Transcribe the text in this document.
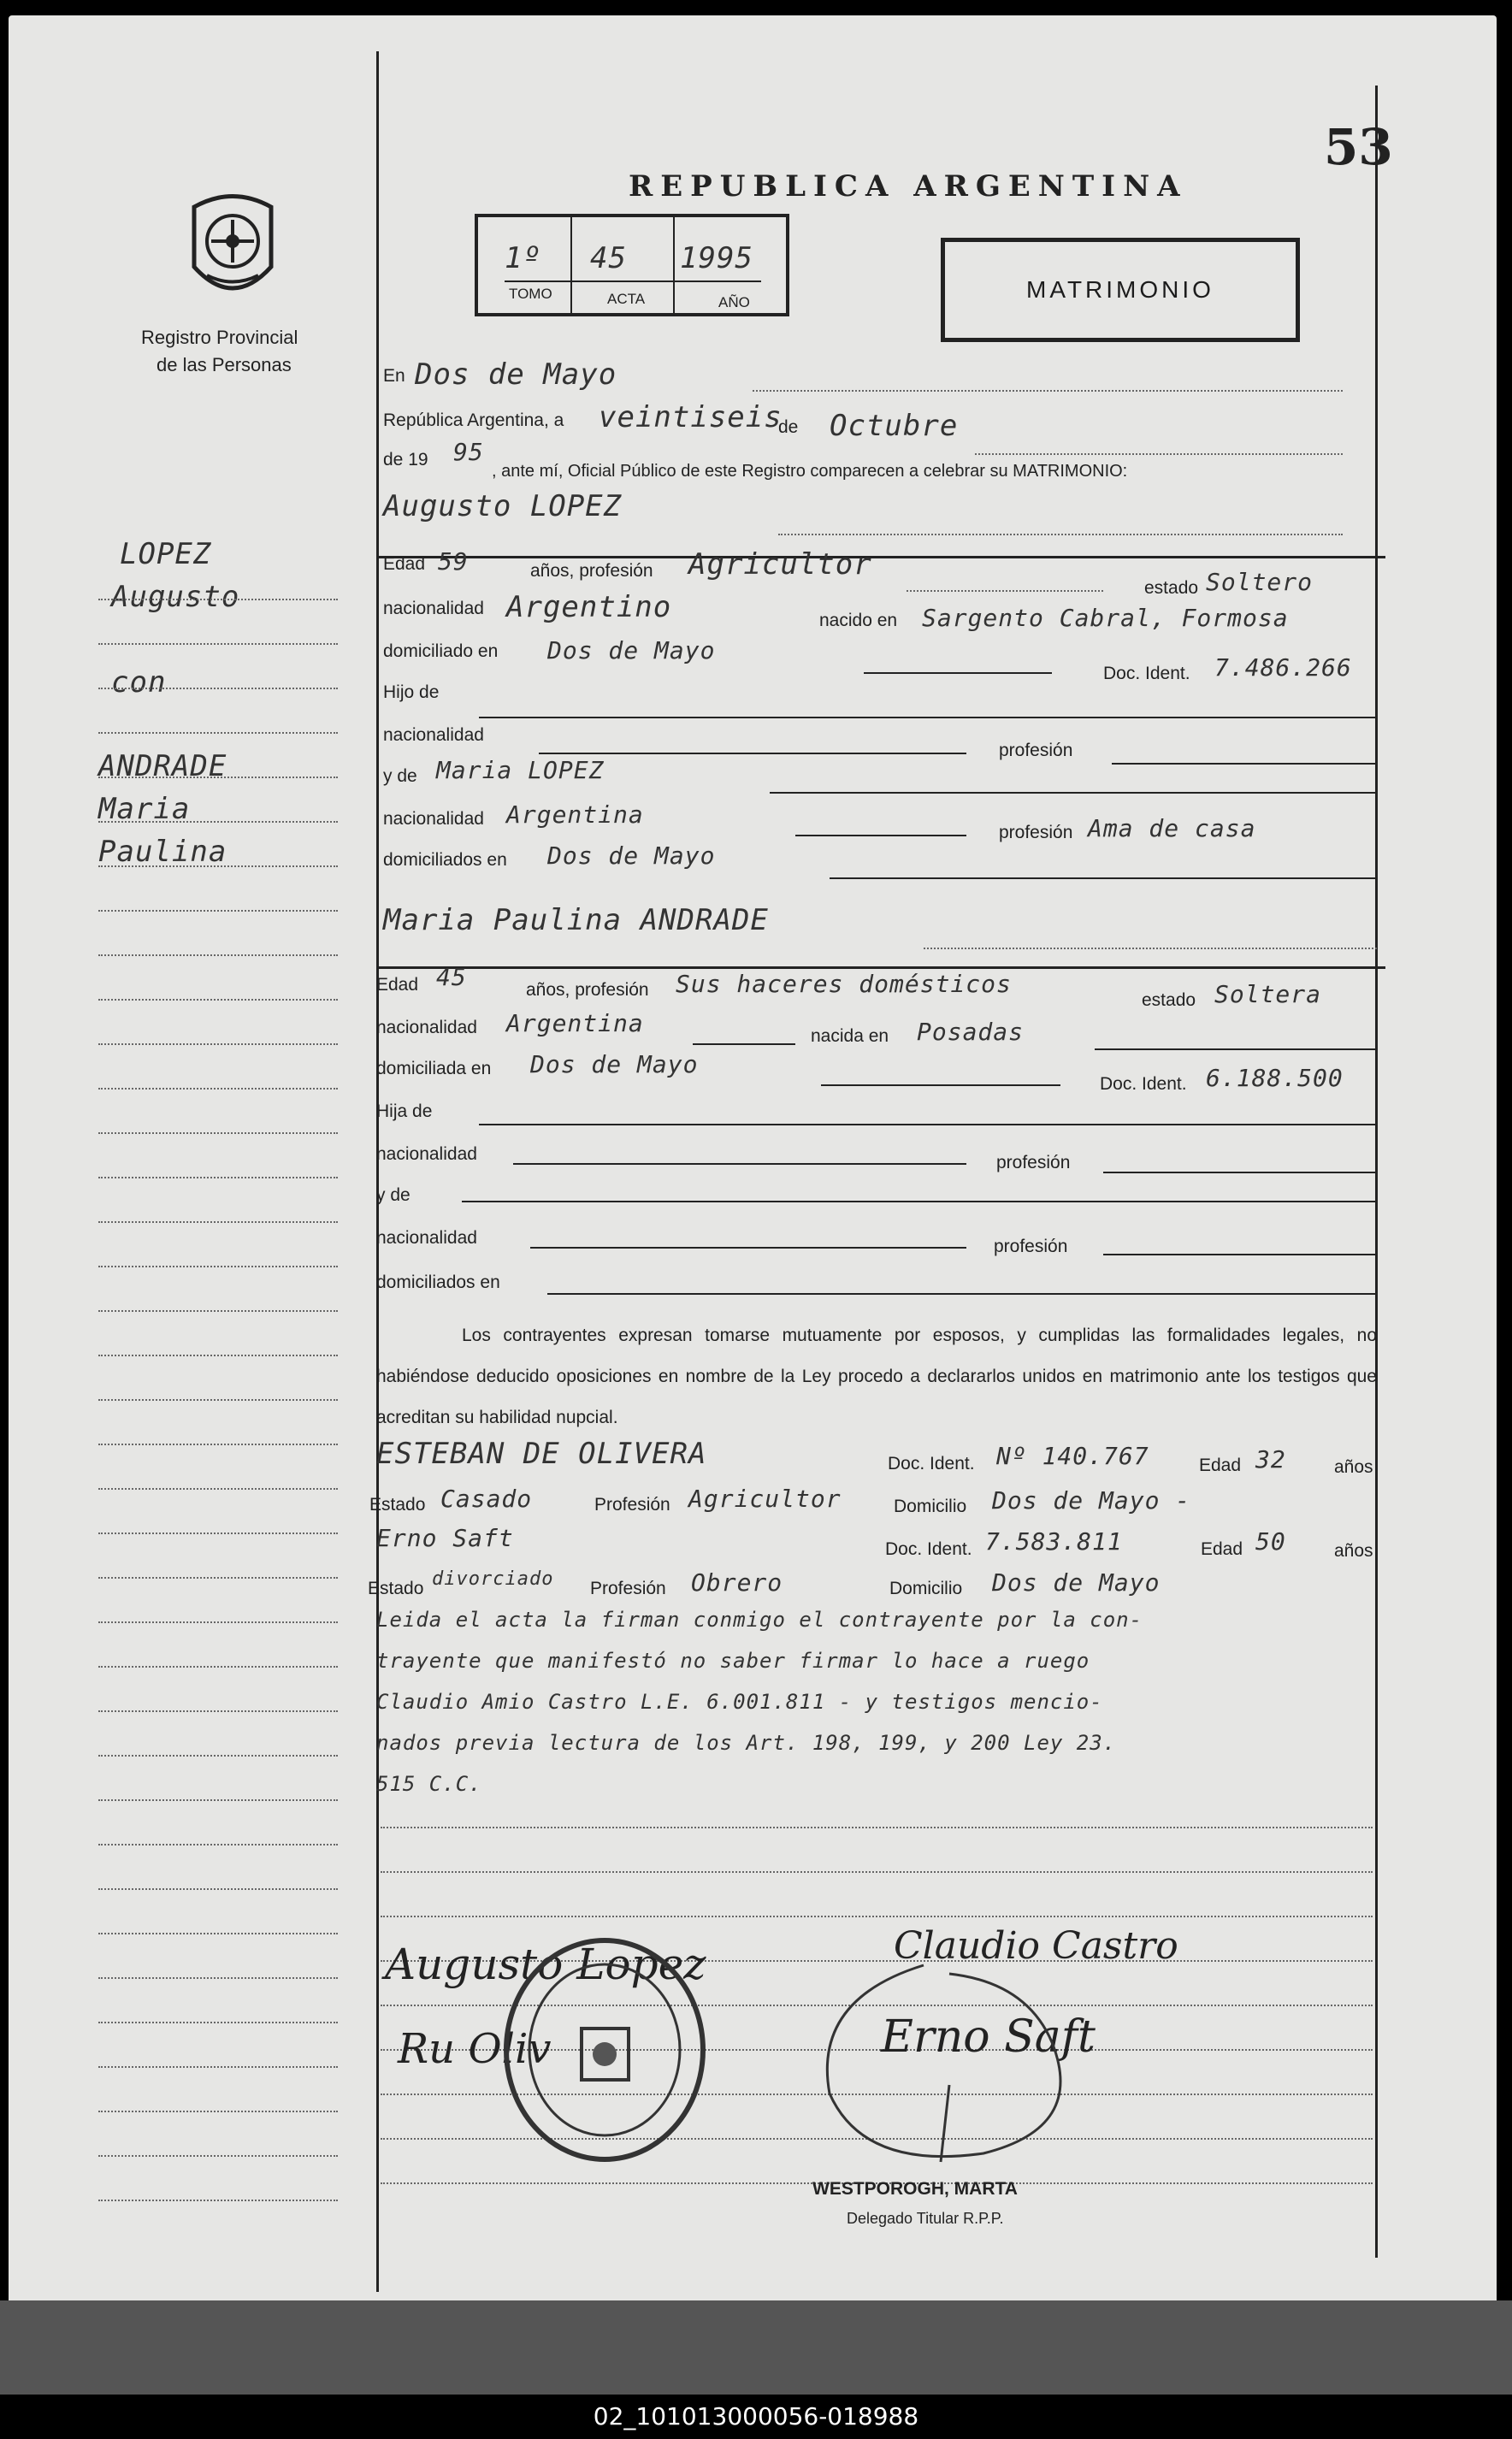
53
Registro Provincial
de las Personas
REPUBLICA ARGENTINA
1º 45 1995
TOMO	ACTA	AÑO	MATRIMONIO
LOPEZ
Augusto
con
ANDRADE
Maria
Paulina
En Dos de Mayo
República Argentina, a veintiseis
de Octubre
de 19 95
, ante mí, Oficial Público de este Registro comparecen a celebrar su MATRIMONIO:
Augusto LOPEZ
Edad 59	años, profesión Agricultor
estado Soltero
nacionalidad Argentino	nacido en Sargento Cabral, Formosa
domiciliado en Dos de Mayo
Doc. Ident. 7.486.266
Hijo de
nacionalidad
profesión
y de Maria LOPEZ
nacionalidad Argentina
profesión Ama de casa
domiciliados en Dos de Mayo
Maria Paulina ANDRADE
Edad 45	años, profesión Sus haceres domésticos
estado Soltera
nacionalidad Argentina	nacida en Posadas
domiciliada en Dos de Mayo
Doc. Ident. 6.188.500
Hija de
nacionalidad	profesión
y de
nacionalidad	profesión
domiciliados en
Los contrayentes expresan tomarse mutuamente por esposos, y cumplidas las formalidades legales, no habiéndose deducido oposiciones en nombre de la Ley procedo a declararlos unidos en matrimonio ante los testigos que acreditan su habilidad nupcial.
ESTEBAN DE OLIVERA	Doc. Ident. Nº 140.767	Edad 32	años
Estado Casado	Profesión Agricultor	Domicilio Dos de Mayo -
Erno Saft	Doc. Ident. 7.583.811	Edad 50	años
Estado divorciado Profesión Obrero	Domicilio Dos de Mayo
Leida el acta la firman conmigo el contrayente por la con-
trayente que manifestó no saber firmar lo hace a ruego
Claudio Amio Castro L.E. 6.001.811 - y testigos mencio-
nados previa lectura de los Art. 198, 199, y 200 Ley 23.
515 C.C.
Augusto Lopez	Claudio Castro
Erno Saft
Ru Oliv
WESTPOROGH, MARTA
Delegado Titular R.P.P.
02_101013000056-018988
